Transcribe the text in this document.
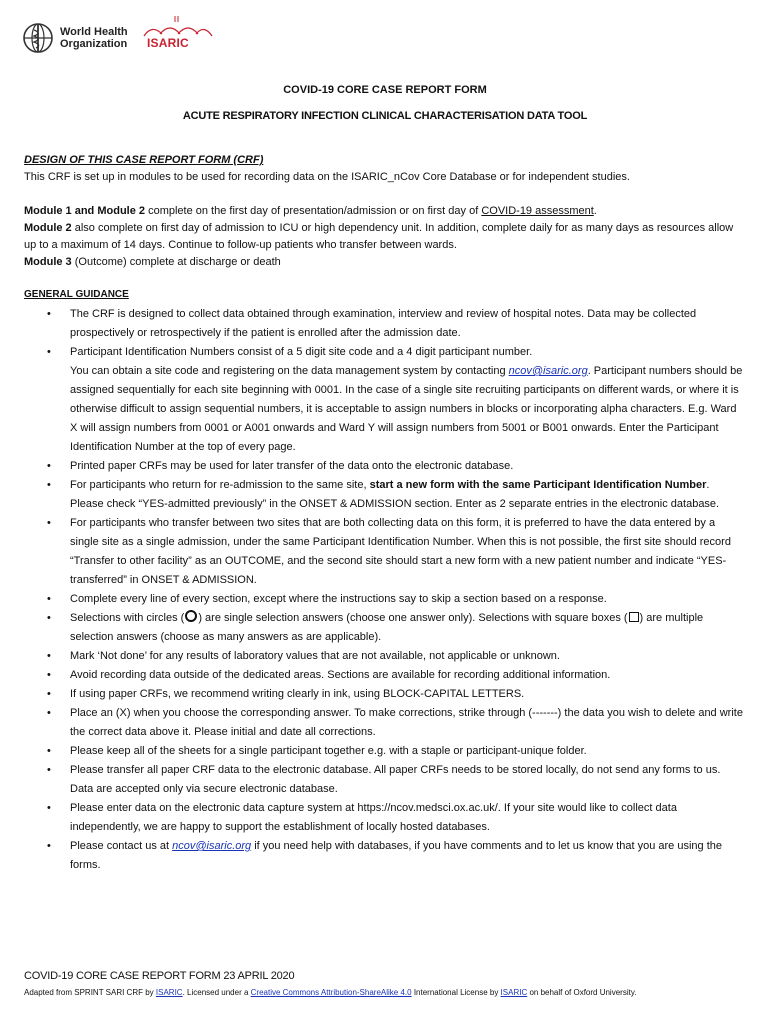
World Health
Organization ISARIC
COVID-19 CORE CASE REPORT FORM
ACUTE RESPIRATORY INFECTION CLINICAL CHARACTERISATION DATA TOOL
DESIGN OF THIS CASE REPORT FORM (CRF)
This CRF is set up in modules to be used for recording data on the ISARIC_nCov Core Database or for independent studies.
Module 1 and Module 2 complete on the first day of presentation/admission or on first day of COVID-19 assessment.
Module 2 also complete on first day of admission to ICU or high dependency unit. In addition, complete daily for as many days as resources allow up to a maximum of 14 days. Continue to follow-up patients who transfer between wards.
Module 3 (Outcome) complete at discharge or death
GENERAL GUIDANCE
• The CRF is designed to collect data obtained through examination, interview and review of hospital notes. Data may be collected prospectively or retrospectively if the patient is enrolled after the admission date.
• Participant Identification Numbers consist of a 5 digit site code and a 4 digit participant number.
You can obtain a site code and registering on the data management system by contacting ncov@isaric.org. Participant numbers should be assigned sequentially for each site beginning with 0001. In the case of a single site recruiting participants on different wards, or where it is otherwise difficult to assign sequential numbers, it is acceptable to assign numbers in blocks or incorporating alpha characters. E.g. Ward X will assign numbers from 0001 or A001 onwards and Ward Y will assign numbers from 5001 or B001 onwards. Enter the Participant Identification Number at the top of every page.
• Printed paper CRFs may be used for later transfer of the data onto the electronic database.
• For participants who return for re-admission to the same site, start a new form with the same Participant Identification Number. Please check “YES-admitted previously” in the ONSET & ADMISSION section. Enter as 2 separate entries in the electronic database.
• For participants who transfer between two sites that are both collecting data on this form, it is preferred to have the data entered by a single site as a single admission, under the same Participant Identification Number. When this is not possible, the first site should record “Transfer to other facility” as an OUTCOME, and the second site should start a new form with a new patient number and indicate “YES-transferred” in ONSET & ADMISSION.
• Complete every line of every section, except where the instructions say to skip a section based on a response.
• Selections with circles ( ) are single selection answers (choose one answer only). Selections with square boxes ( ) are multiple selection answers (choose as many answers as are applicable).
• Mark ‘Not done’ for any results of laboratory values that are not available, not applicable or unknown.
• Avoid recording data outside of the dedicated areas. Sections are available for recording additional information.
• If using paper CRFs, we recommend writing clearly in ink, using BLOCK-CAPITAL LETTERS.
• Place an (X) when you choose the corresponding answer. To make corrections, strike through (-------) the data you wish to delete and write the correct data above it. Please initial and date all corrections.
• Please keep all of the sheets for a single participant together e.g. with a staple or participant-unique folder.
• Please transfer all paper CRF data to the electronic database. All paper CRFs needs to be stored locally, do not send any forms to us. Data are accepted only via secure electronic database.
• Please enter data on the electronic data capture system at https://ncov.medsci.ox.ac.uk/. If your site would like to collect data independently, we are happy to support the establishment of locally hosted databases.
• Please contact us at ncov@isaric.org if you need help with databases, if you have comments and to let us know that you are using the forms.
COVID-19 CORE CASE REPORT FORM 23 APRIL 2020
Adapted from SPRINT SARI CRF by ISARIC. Licensed under a Creative Commons Attribution-ShareAlike 4.0 International License by ISARIC on behalf of Oxford University.
